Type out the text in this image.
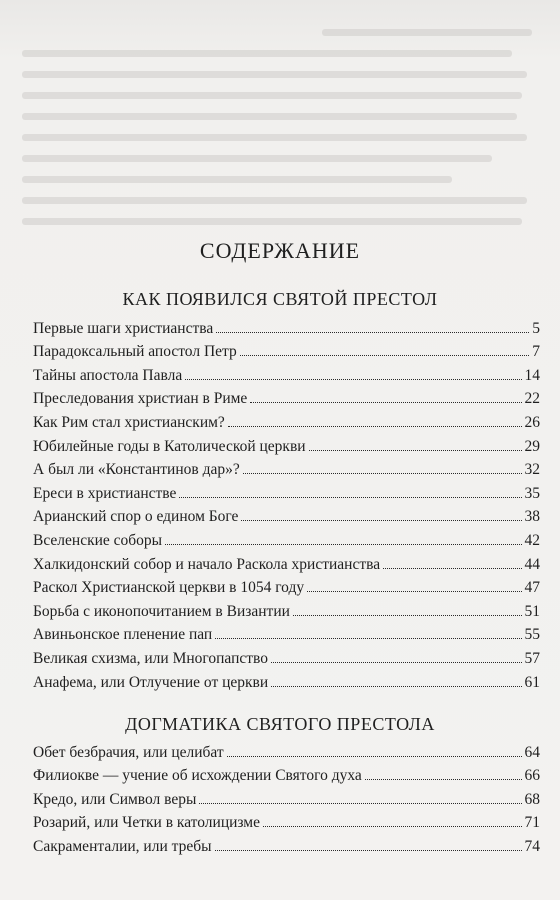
СОДЕРЖАНИЕ
КАК ПОЯВИЛСЯ СВЯТОЙ ПРЕСТОЛ
Первые шаги христианства	5
Парадоксальный апостол Петр	7
Тайны апостола Павла	14
Преследования христиан в Риме	22
Как Рим стал христианским?	26
Юбилейные годы в Католической церкви	29
А был ли «Константинов дар»?	32
Ереси в христианстве	35
Арианский спор о едином Боге	38
Вселенские соборы	42
Халкидонский собор и начало Раскола христианства	44
Раскол Христианской церкви в 1054 году	47
Борьба с иконопочитанием в Византии	51
Авиньонское пленение пап	55
Великая схизма, или Многопапство	57
Анафема, или Отлучение от церкви	61
ДОГМАТИКА СВЯТОГО ПРЕСТОЛА
Обет безбрачия, или целибат	64
Филиокве — учение об исхождении Святого духа	66
Кредо, или Символ веры	68
Розарий, или Четки в католицизме	71
Сакраменталии, или требы	74
